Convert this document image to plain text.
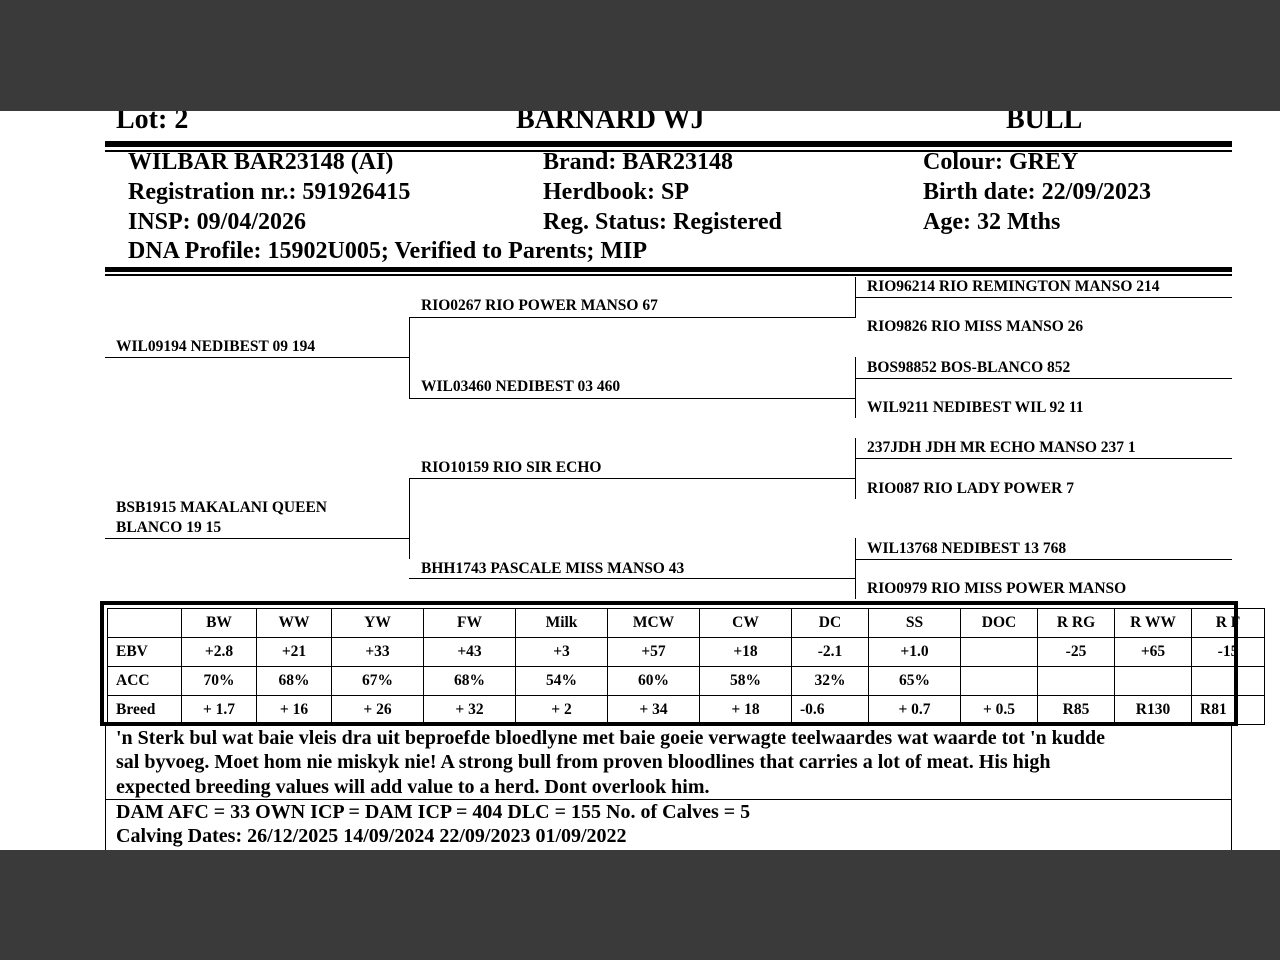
Lot: 2	BARNARD WJ	BULL
WILBAR BAR23148 (AI)
Registration nr.: 591926415
INSP: 09/04/2026
DNA Profile: 15902U005; Verified to Parents; MIP
Brand: BAR23148
Herdbook: SP
Reg. Status: Registered
Colour: GREY
Birth date: 22/09/2023
Age: 32 Mths
WIL09194 NEDIBEST 09 194
BSB1915 MAKALANI QUEEN
BLANCO 19 15
RIO0267 RIO POWER MANSO 67
WIL03460 NEDIBEST 03 460
RIO10159 RIO SIR ECHO
BHH1743 PASCALE MISS MANSO 43
RIO96214 RIO REMINGTON MANSO 214
RIO9826 RIO MISS MANSO 26
BOS98852 BOS-BLANCO 852
WIL9211 NEDIBEST WIL 92 11
237JDH JDH MR ECHO MANSO 237 1
RIO087 RIO LADY POWER 7
WIL13768 NEDIBEST 13 768
RIO0979 RIO MISS POWER MANSO
	BW	WW	YW	FW	Milk	MCW	CW	DC	SS	DOC	R RG	R WW	R F
EBV	+2.8	+21	+33	+43	+3	+57	+18	-2.1	+1.0		-25	+65	-15
ACC	70%	68%	67%	68%	54%	60%	58%	32%	65%				
Breed	+ 1.7	+ 16	+ 26	+ 32	+ 2	+ 34	+ 18	-0.6	+ 0.7	+ 0.5	R85	R130	R81
'n Sterk bul wat baie vleis dra uit beproefde bloedlyne met baie goeie verwagte teelwaardes wat waarde tot 'n kudde
sal byvoeg. Moet hom nie miskyk nie! A strong bull from proven bloodlines that carries a lot of meat. His high
expected breeding values will add value to a herd. Dont overlook him.
DAM AFC = 33 OWN ICP = DAM ICP = 404 DLC = 155 No. of Calves = 5
Calving Dates: 26/12/2025 14/09/2024 22/09/2023 01/09/2022
